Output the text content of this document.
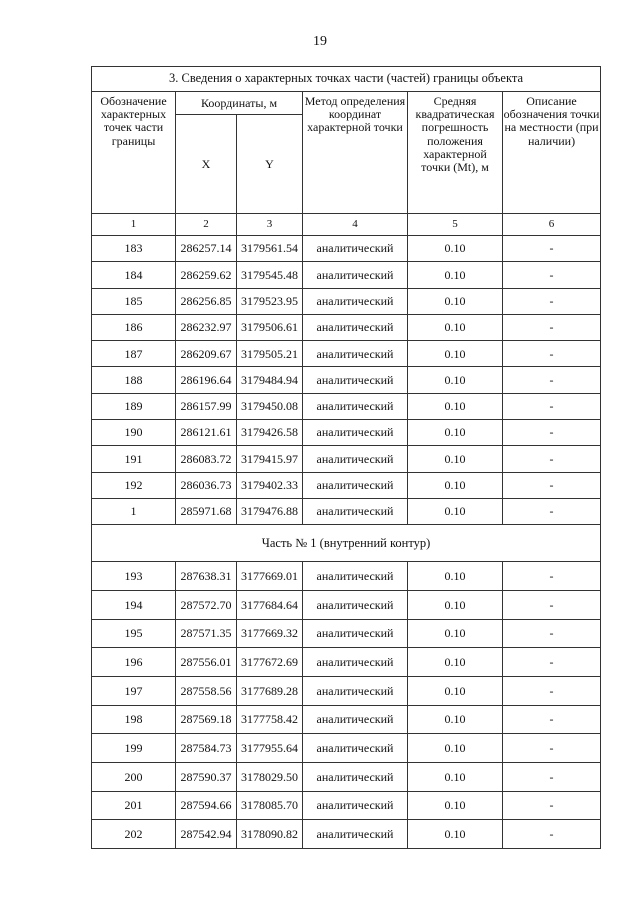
19
3. Сведения о характерных точках части (частей) границы объекта					
Обозначение характерных точек части границы	Координаты, м		Метод определения координат характерной точки	Средняя квадратическая погрешность положения характерной точки (Mt), м	Описание обозначения точки на местности (при наличии)
	X	Y			
1	2	3	4	5	6
183	286257.14	3179561.54	аналитический	0.10	-
184	286259.62	3179545.48	аналитический	0.10	-
185	286256.85	3179523.95	аналитический	0.10	-
186	286232.97	3179506.61	аналитический	0.10	-
187	286209.67	3179505.21	аналитический	0.10	-
188	286196.64	3179484.94	аналитический	0.10	-
189	286157.99	3179450.08	аналитический	0.10	-
190	286121.61	3179426.58	аналитический	0.10	-
191	286083.72	3179415.97	аналитический	0.10	-
192	286036.73	3179402.33	аналитический	0.10	-
1	285971.68	3179476.88	аналитический	0.10	-
Часть № 1 (внутренний контур)					
193	287638.31	3177669.01	аналитический	0.10	-
194	287572.70	3177684.64	аналитический	0.10	-
195	287571.35	3177669.32	аналитический	0.10	-
196	287556.01	3177672.69	аналитический	0.10	-
197	287558.56	3177689.28	аналитический	0.10	-
198	287569.18	3177758.42	аналитический	0.10	-
199	287584.73	3177955.64	аналитический	0.10	-
200	287590.37	3178029.50	аналитический	0.10	-
201	287594.66	3178085.70	аналитический	0.10	-
202	287542.94	3178090.82	аналитический	0.10	-
